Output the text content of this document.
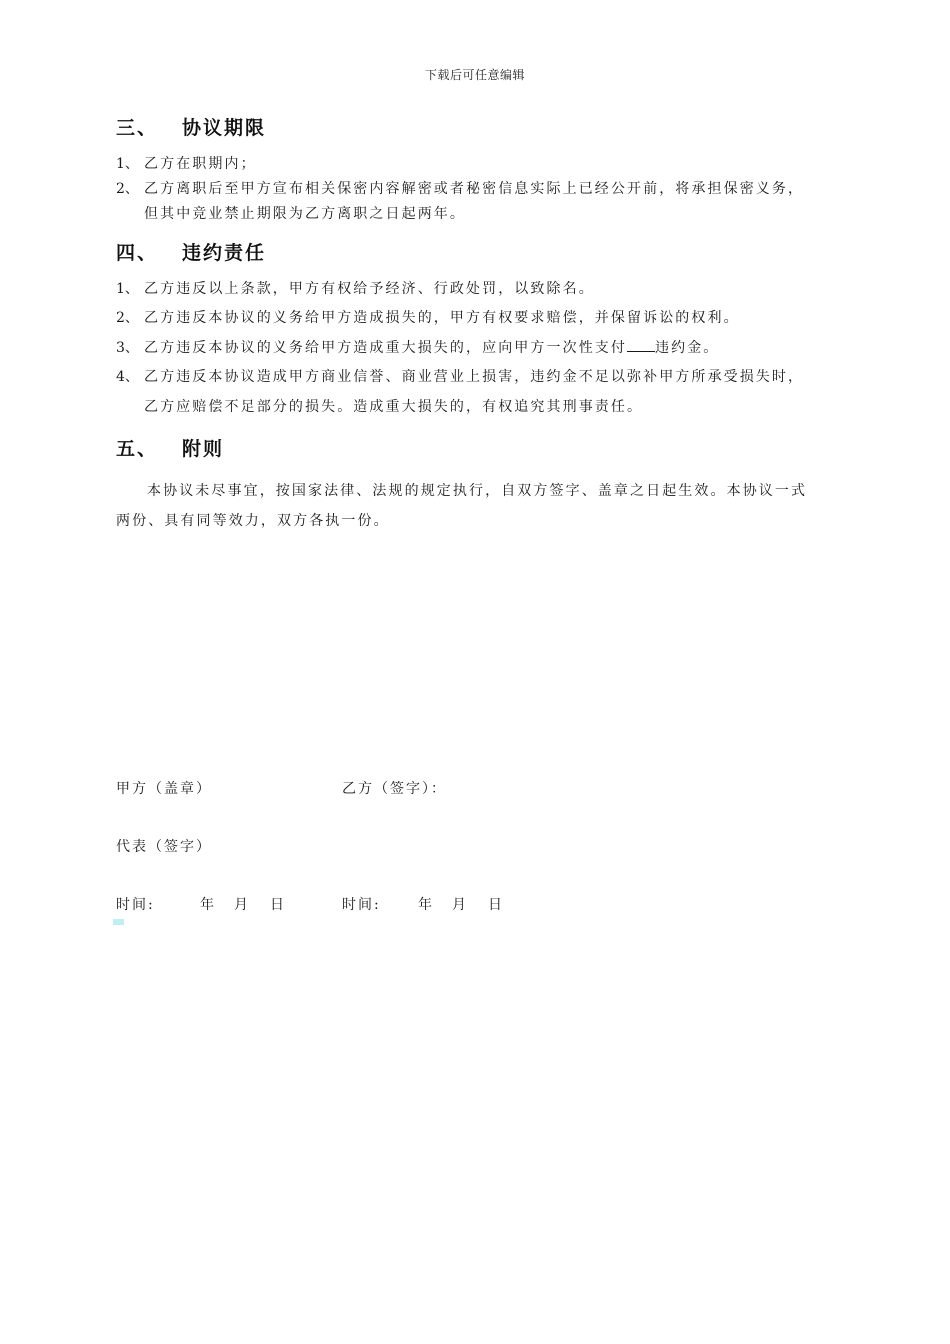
下载后可任意编辑
三、 协议期限
1、 乙方在职期内；
2、 乙方离职后至甲方宣布相关保密内容解密或者秘密信息实际上已经公开前，将承担保密义务，
但其中竞业禁止期限为乙方离职之日起两年。
四、 违约责任
1、 乙方违反以上条款，甲方有权给予经济、行政处罚，以致除名。
2、 乙方违反本协议的义务给甲方造成损失的，甲方有权要求赔偿，并保留诉讼的权利。
3、 乙方违反本协议的义务给甲方造成重大损失的，应向甲方一次性支付 违约金。
4、 乙方违反本协议造成甲方商业信誉、商业营业上损害，违约金不足以弥补甲方所承受损失时，
乙方应赔偿不足部分的损失。造成重大损失的，有权追究其刑事责任。
五、 附则
本协议未尽事宜，按国家法律、法规的规定执行，自双方签字、盖章之日起生效。本协议一式
两份、具有同等效力，双方各执一份。
甲方（盖章）	乙方（签字）：
代表（签字）
时间:	年 月 日	时间:	年 月 日
